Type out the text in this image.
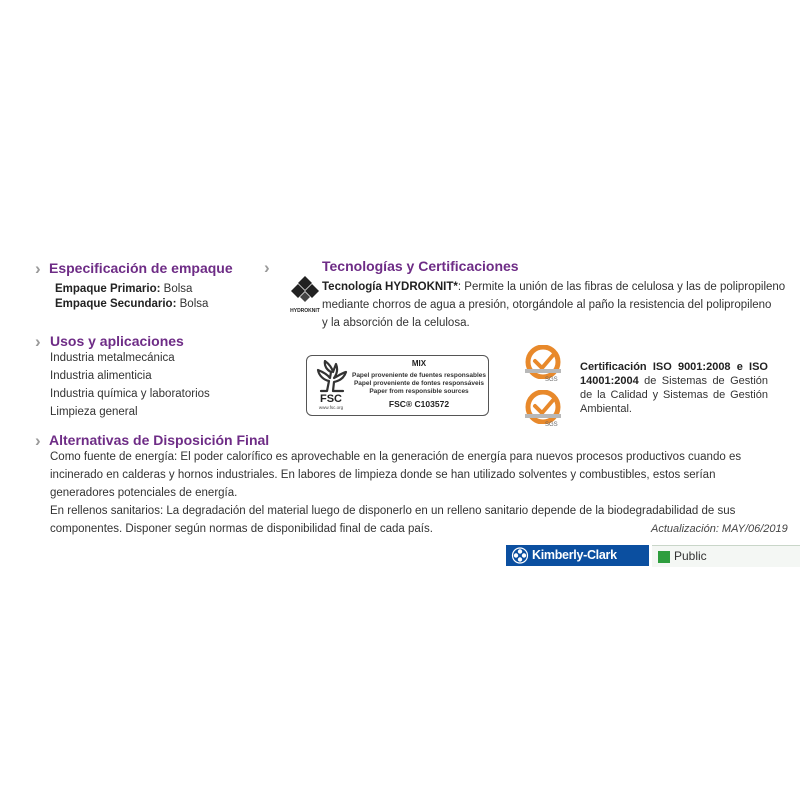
› Especificación de empaque
Empaque Primario: Bolsa
Empaque Secundario: Bolsa
› Usos y aplicaciones
Industria metalmecánica
Industria alimenticia
Industria química y laboratorios
Limpieza general
›	Tecnologías y Certificaciones
HYDROKNIT
Tecnología HYDROKNIT*: Permite la unión de las fibras de celulosa y las de polipropileno
mediante chorros de agua a presión, otorgándole al paño la resistencia del polipropileno
y la absorción de la celulosa.
FSC
www.fsc.org
MIX
Papel proveniente de fuentes responsables
Papel proveniente de fontes responsáveis
Paper from responsible sources
FSC® C103572
SGS
SGS
Certificación ISO 9001:2008 e ISO
14001:2004 de Sistemas de Gestión
de la Calidad y Sistemas de Gestión
Ambiental.
› Alternativas de Disposición Final
Como fuente de energía: El poder calorífico es aprovechable en la generación de energía para nuevos procesos productivos cuando es
incinerado en calderas y hornos industriales. En labores de limpieza donde se han utilizado solventes y combustibles, estos serían
generadores potenciales de energía.
En rellenos sanitarios: La degradación del material luego de disponerlo en un relleno sanitario depende de la biodegradabilidad de sus
componentes. Disponer según normas de disponibilidad final de cada país.	Actualización: MAY/06/2019
Kimberly-Clark	Public
